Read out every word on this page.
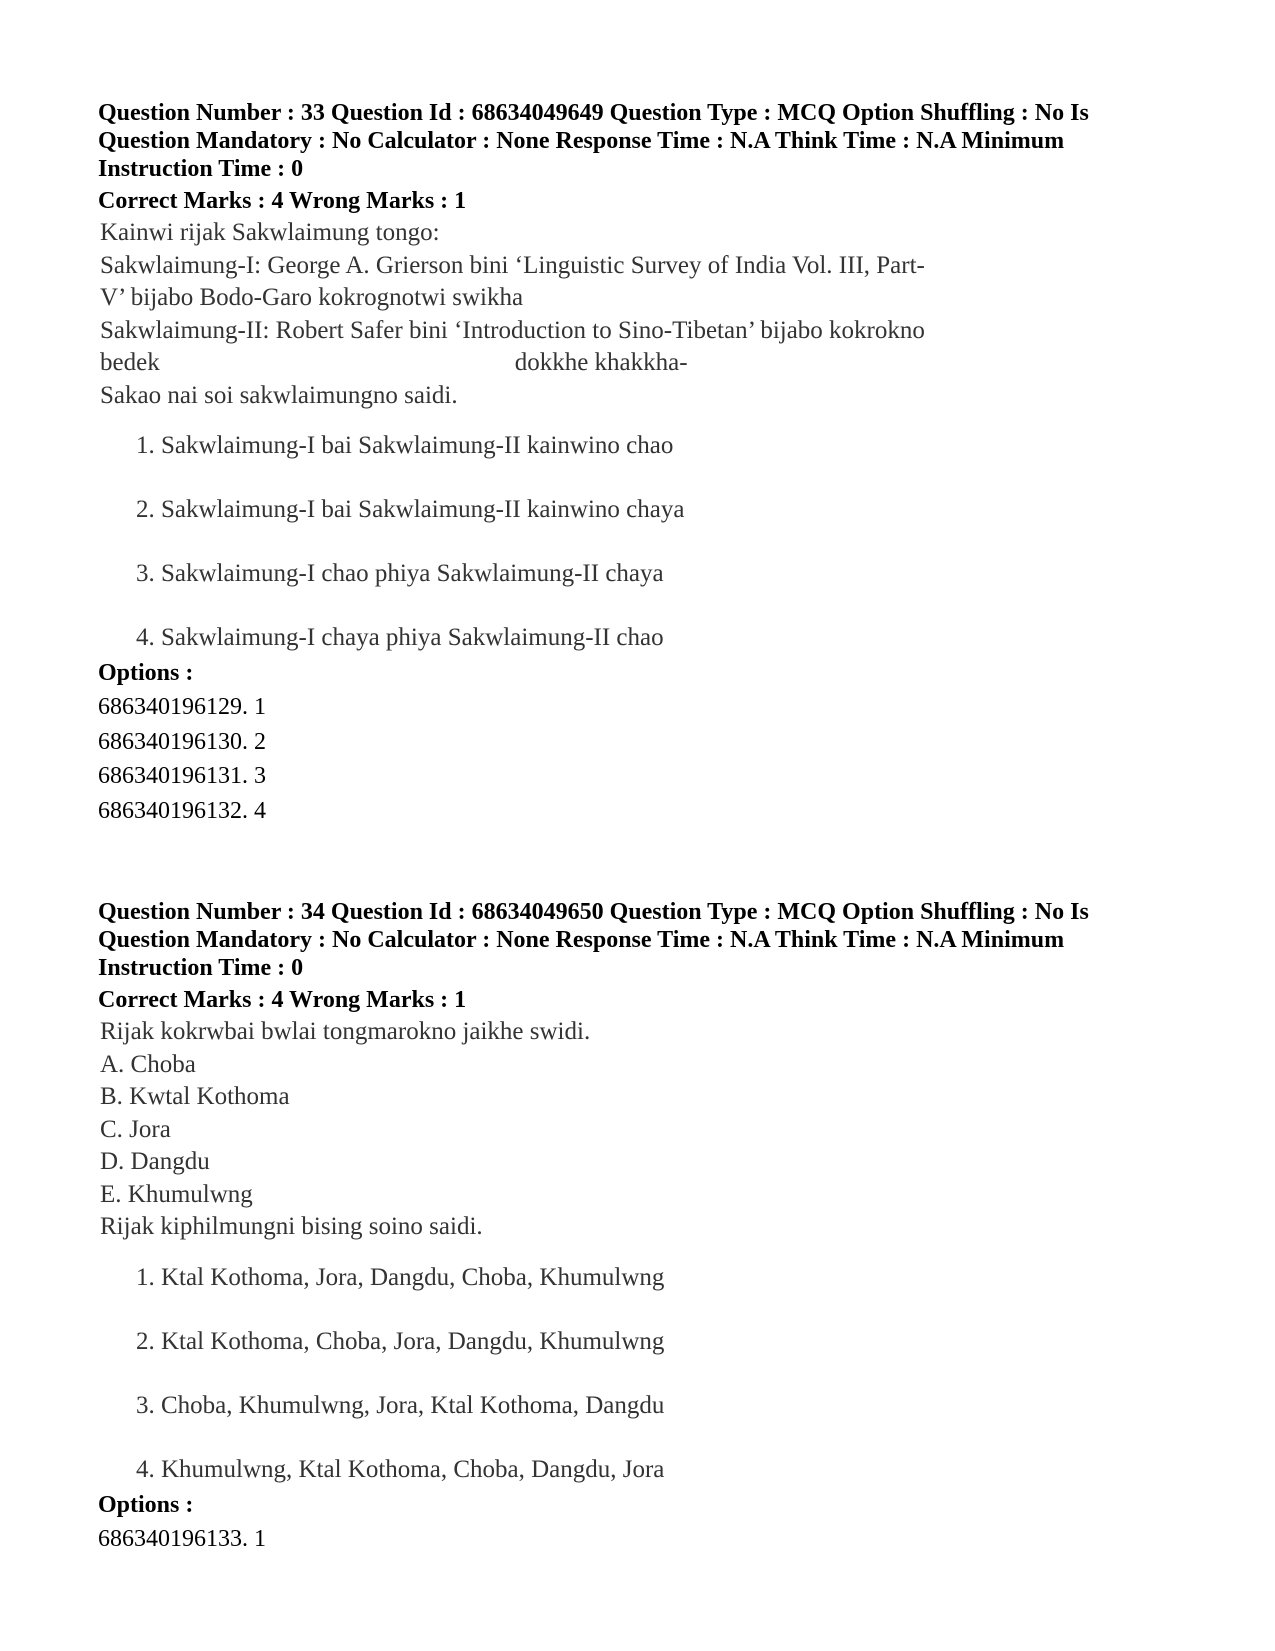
Question Number : 33 Question Id : 68634049649 Question Type : MCQ Option Shuffling : No Is Question Mandatory : No Calculator : None Response Time : N.A Think Time : N.A Minimum Instruction Time : 0

Correct Marks : 4 Wrong Marks : 1

Kainwi rijak Sakwlaimung tongo:
Sakwlaimung-I: George A. Grierson bini ‘Linguistic Survey of India Vol. III, Part-
V’ bijabo Bodo-Garo kokrognotwi swikha
Sakwlaimung-II: Robert Safer bini ‘Introduction to Sino-Tibetan’ bijabo kokrokno
bedek	dokkhe khakkha-
Sakao nai soi sakwlaimungno saidi.
1. Sakwlaimung-I bai Sakwlaimung-II kainwino chao
2. Sakwlaimung-I bai Sakwlaimung-II kainwino chaya
3. Sakwlaimung-I chao phiya Sakwlaimung-II chaya
4. Sakwlaimung-I chaya phiya Sakwlaimung-II chao

Options :

686340196129. 1
686340196130. 2
686340196131. 3
686340196132. 4

Question Number : 34 Question Id : 68634049650 Question Type : MCQ Option Shuffling : No Is Question Mandatory : No Calculator : None Response Time : N.A Think Time : N.A Minimum Instruction Time : 0

Correct Marks : 4 Wrong Marks : 1

Rijak kokrwbai bwlai tongmarokno jaikhe swidi.
A. Choba
B. Kwtal Kothoma
C. Jora
D. Dangdu
E. Khumulwng
Rijak kiphilmungni bising soino saidi.
1. Ktal Kothoma, Jora, Dangdu, Choba, Khumulwng
2. Ktal Kothoma, Choba, Jora, Dangdu, Khumulwng
3. Choba, Khumulwng, Jora, Ktal Kothoma, Dangdu
4. Khumulwng, Ktal Kothoma, Choba, Dangdu, Jora

Options :

686340196133. 1
